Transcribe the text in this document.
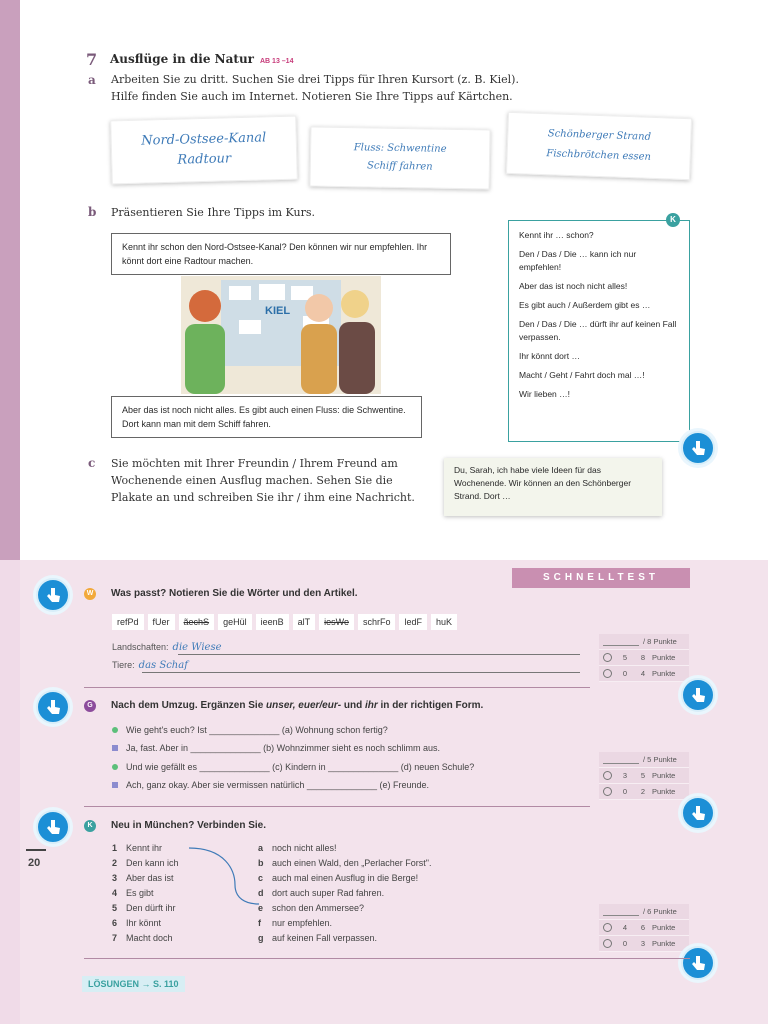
7 Ausflüge in die Natur AB 13 –14
a Arbeiten Sie zu dritt. Suchen Sie drei Tipps für Ihren Kursort (z. B. Kiel).
Hilfe finden Sie auch im Internet. Notieren Sie Ihre Tipps auf Kärtchen.
Nord-Ostsee-Kanal
Radtour
Fluss: Schwentine
Schiff fahren
Schönberger Strand
Fischbrötchen essen
b Präsentieren Sie Ihre Tipps im Kurs.
Kennt ihr schon den Nord-Ostsee-Kanal? Den können wir nur empfehlen. Ihr könnt dort eine Radtour machen.
KIEL
Aber das ist noch nicht alles. Es gibt auch einen Fluss: die Schwentine. Dort kann man mit dem Schiff fahren.

Kennt ihr … schon?

Den / Das / Die … kann ich nur empfehlen!

Aber das ist noch nicht alles!

Es gibt auch / Außerdem gibt es …

Den / Das / Die … dürft ihr auf keinen Fall verpassen.

Ihr könnt dort …

Macht / Geht / Fahrt doch mal …!

Wir lieben …!

K
c Sie möchten mit Ihrer Freundin / Ihrem Freund am
Wochenende einen Ausflug machen. Sehen Sie die
Plakate an und schreiben Sie ihr / ihm eine Nachricht.
Du, Sarah, ich habe viele Ideen für das Wochenende. Wir können an den Schönberger Strand. Dort …
SCHNELLTEST
W Was passt? Notieren Sie die Wörter und den Artikel.
refPd	fUer	ãechS	geHül	ieenB	alT	iesWe	schrFo	ledF	huK
Landschaften: die Wiese
Tiere: das Schaf
/ 8
Punkte
5	8 Punkte
0	4 Punkte
G	Nach dem Umzug. Ergänzen Sie unser, euer/eur- und ihr in der richtigen Form.
Wie geht's euch? Ist ______________ (a) Wohnung schon fertig?
Ja, fast. Aber in ______________ (b) Wohnzimmer sieht es noch schlimm aus.
Und wie gefällt es ______________ (c) Kindern in ______________ (d) neuen Schule?
Ach, ganz okay. Aber sie vermissen natürlich ______________ (e) Freunde.
/ 5
Punkte
3	5 Punkte
0	2 Punkte
K	Neu in München? Verbinden Sie.
20
1 Kennt ihr
2 Den kann ich
3 Aber das ist
4 Es gibt
5 Den dürft ihr
6 Ihr könnt
7 Macht doch
a noch nicht alles!
b auch einen Wald, den „Perlacher Forst".
c auch mal einen Ausflug in die Berge!
d dort auch super Rad fahren.
e schon den Ammersee?
f nur empfehlen.
g auf keinen Fall verpassen.
/ 6
Punkte
4	6 Punkte
0	3 Punkte
LÖSUNGEN → S. 110
